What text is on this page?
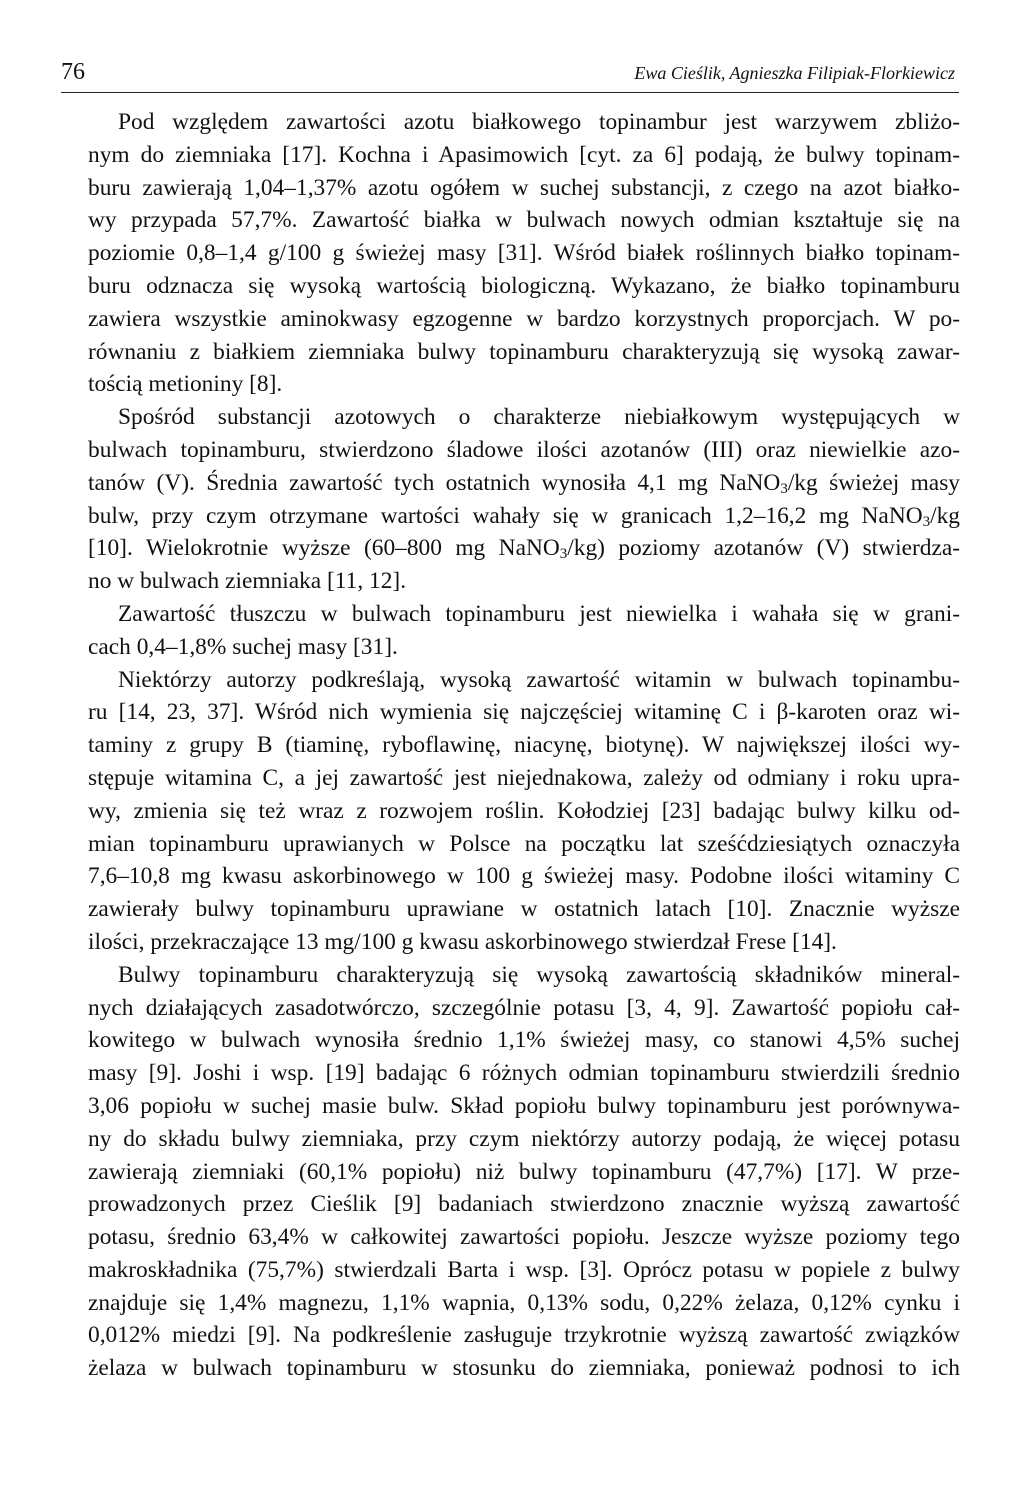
76	Ewa Cieślik, Agnieszka Filipiak-Florkiewicz
Pod względem zawartości azotu białkowego topinambur jest warzywem zbliżo-
nym do ziemniaka [17]. Kochna i Apasimowich [cyt. za 6] podają, że bulwy topinam-
buru zawierają 1,04–1,37% azotu ogółem w suchej substancji, z czego na azot białko-
wy przypada 57,7%. Zawartość białka w bulwach nowych odmian kształtuje się na
poziomie 0,8–1,4 g/100 g świeżej masy [31]. Wśród białek roślinnych białko topinam-
buru odznacza się wysoką wartością biologiczną. Wykazano, że białko topinamburu
zawiera wszystkie aminokwasy egzogenne w bardzo korzystnych proporcjach. W po-
równaniu z białkiem ziemniaka bulwy topinamburu charakteryzują się wysoką zawar-
tością metioniny [8].
Spośród substancji azotowych o charakterze niebiałkowym występujących w
bulwach topinamburu, stwierdzono śladowe ilości azotanów (III) oraz niewielkie azo-
tanów (V). Średnia zawartość tych ostatnich wynosiła 4,1 mg NaNO$_3$/kg świeżej masy
bulw, przy czym otrzymane wartości wahały się w granicach 1,2–16,2 mg NaNO$_3$/kg
[10]. Wielokrotnie wyższe (60–800 mg NaNO$_3$/kg) poziomy azotanów (V) stwierdza-
no w bulwach ziemniaka [11, 12].
Zawartość tłuszczu w bulwach topinamburu jest niewielka i wahała się w grani-
cach 0,4–1,8% suchej masy [31].
Niektórzy autorzy podkreślają, wysoką zawartość witamin w bulwach topinambu-
ru [14, 23, 37]. Wśród nich wymienia się najczęściej witaminę C i β-karoten oraz wi-
taminy z grupy B (tiaminę, ryboflawinę, niacynę, biotynę). W największej ilości wy-
stępuje witamina C, a jej zawartość jest niejednakowa, zależy od odmiany i roku upra-
wy, zmienia się też wraz z rozwojem roślin. Kołodziej [23] badając bulwy kilku od-
mian topinamburu uprawianych w Polsce na początku lat sześćdziesiątych oznaczyła
7,6–10,8 mg kwasu askorbinowego w 100 g świeżej masy. Podobne ilości witaminy C
zawierały bulwy topinamburu uprawiane w ostatnich latach [10]. Znacznie wyższe
ilości, przekraczające 13 mg/100 g kwasu askorbinowego stwierdzał Frese [14].
Bulwy topinamburu charakteryzują się wysoką zawartością składników mineral-
nych działających zasadotwórczo, szczególnie potasu [3, 4, 9]. Zawartość popiołu cał-
kowitego w bulwach wynosiła średnio 1,1% świeżej masy, co stanowi 4,5% suchej
masy [9]. Joshi i wsp. [19] badając 6 różnych odmian topinamburu stwierdzili średnio
3,06 popiołu w suchej masie bulw. Skład popiołu bulwy topinamburu jest porównywa-
ny do składu bulwy ziemniaka, przy czym niektórzy autorzy podają, że więcej potasu
zawierają ziemniaki (60,1% popiołu) niż bulwy topinamburu (47,7%) [17]. W prze-
prowadzonych przez Cieślik [9] badaniach stwierdzono znacznie wyższą zawartość
potasu, średnio 63,4% w całkowitej zawartości popiołu. Jeszcze wyższe poziomy tego
makroskładnika (75,7%) stwierdzali Barta i wsp. [3]. Oprócz potasu w popiele z bulwy
znajduje się 1,4% magnezu, 1,1% wapnia, 0,13% sodu, 0,22% żelaza, 0,12% cynku i
0,012% miedzi [9]. Na podkreślenie zasługuje trzykrotnie wyższą zawartość związków
żelaza w bulwach topinamburu w stosunku do ziemniaka, ponieważ podnosi to ich
